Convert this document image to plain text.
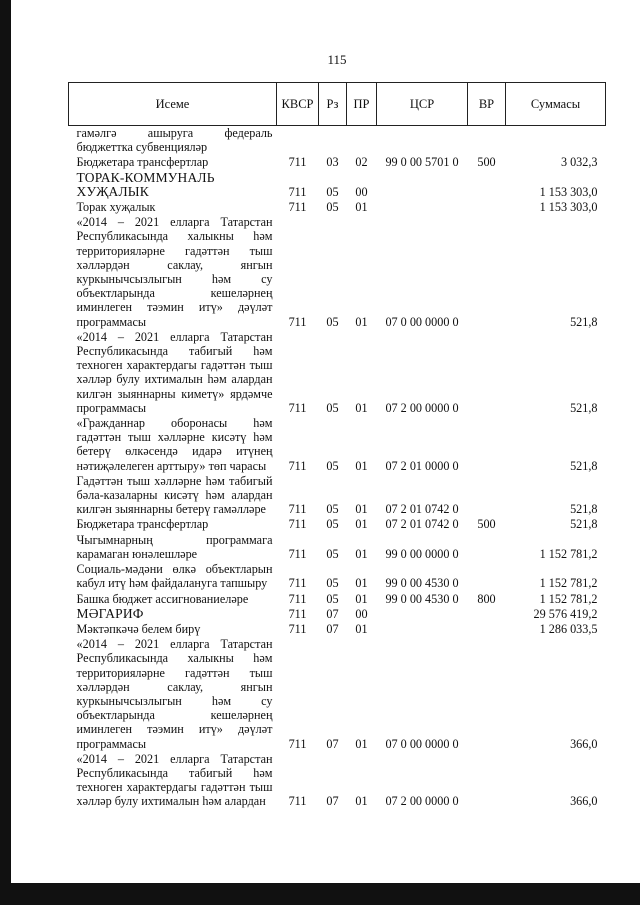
115
Исеме	КВСР	Рз	ПР	ЦСР	ВР	Суммасы
гамәлгә ашыруга федераль бюджеттка субвенцияләр						
Бюджетара трансфертлар	711	03	02	99 0 00 5701 0	500	3 032,3
ТОРАК-КОММУНАЛЬ ХУҖАЛЫК	711	05	00			1 153 303,0
Торак хуҗалык	711	05	01			1 153 303,0
«2014 – 2021 елларга Татарстан Республикасында халыкны һәм территорияләрне гадәттән тыш хәлләрдән саклау, янгын куркынычсызлыгын һәм су объектларында кешеләрнең иминлеген тәэмин итү» дәүләт программасы	711	05	01	07 0 00 0000 0		521,8
«2014 – 2021 елларга Татарстан Республикасында табигый һәм техноген характердагы гадәттән тыш хәлләр булу ихтималын һәм алардан килгән зыяннарны киметү» ярдәмче программасы	711	05	01	07 2 00 0000 0		521,8
«Гражданнар оборонасы һәм гадәттән тыш хәлләрне кисәтү һәм бетерү өлкәсендә идарә итүнең нәтиҗәлелеген арттыру» төп чарасы	711	05	01	07 2 01 0000 0		521,8
Гадәттән тыш хәлләрне һәм табигый бәла-казаларны кисәтү һәм алардан килгән зыяннарны бетерү гамәлләре	711	05	01	07 2 01 0742 0		521,8
Бюджетара трансфертлар	711	05	01	07 2 01 0742 0	500	521,8
Чыгымнарның программага карамаган юнәлешләре	711	05	01	99 0 00 0000 0		1 152 781,2
Социаль-мәдәни өлкә объектларын кабул итү һәм файдалануга тапшыру	711	05	01	99 0 00 4530 0		1 152 781,2
Башка бюджет ассигнованиеләре	711	05	01	99 0 00 4530 0	800	1 152 781,2
МӘГАРИФ	711	07	00			29 576 419,2
Мәктәпкәчә белем бирү	711	07	01			1 286 033,5
«2014 – 2021 елларга Татарстан Республикасында халыкны һәм территорияләрне гадәттән тыш хәлләрдән саклау, янгын куркынычсызлыгын һәм су объектларында кешеләрнең иминлеген тәэмин итү» дәүләт программасы	711	07	01	07 0 00 0000 0		366,0
«2014 – 2021 елларга Татарстан Республикасында табигый һәм техноген характердагы гадәттән тыш хәлләр булу ихтималын һәм алардан	711	07	01	07 2 00 0000 0		366,0
